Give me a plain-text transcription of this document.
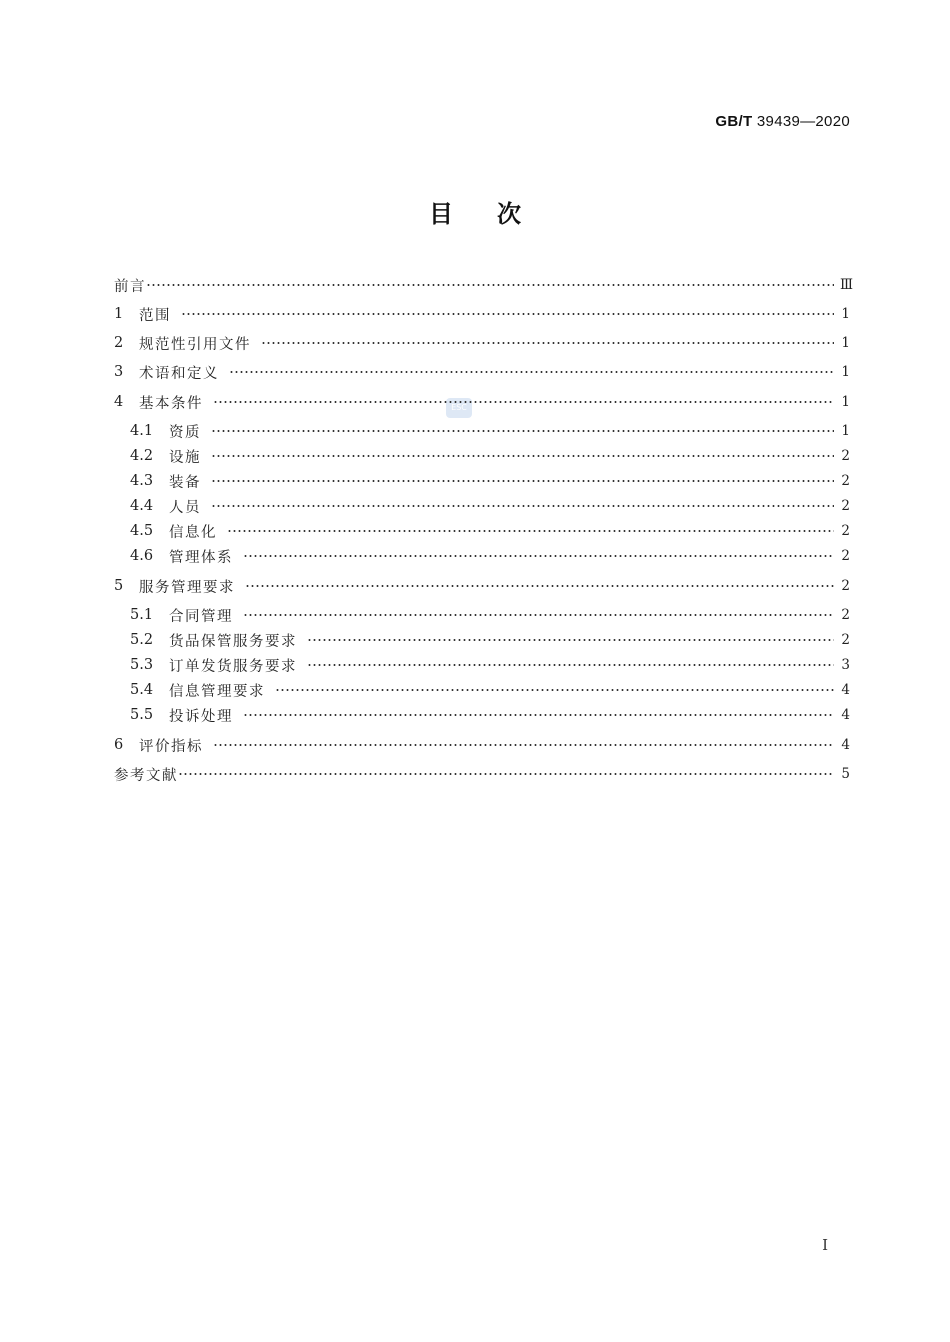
GB/T 39439—2020
目次
ESC
前言	Ⅲ
1	范围	1
2	规范性引用文件	1
3	术语和定义	1
4	基本条件	1
4.1	资质	1
4.2	设施	2
4.3	装备	2
4.4	人员	2
4.5	信息化	2
4.6	管理体系	2
5	服务管理要求	2
5.1	合同管理	2
5.2	货品保管服务要求	2
5.3	订单发货服务要求	3
5.4	信息管理要求	4
5.5	投诉处理	4
6	评价指标	4
参考文献	5
I
